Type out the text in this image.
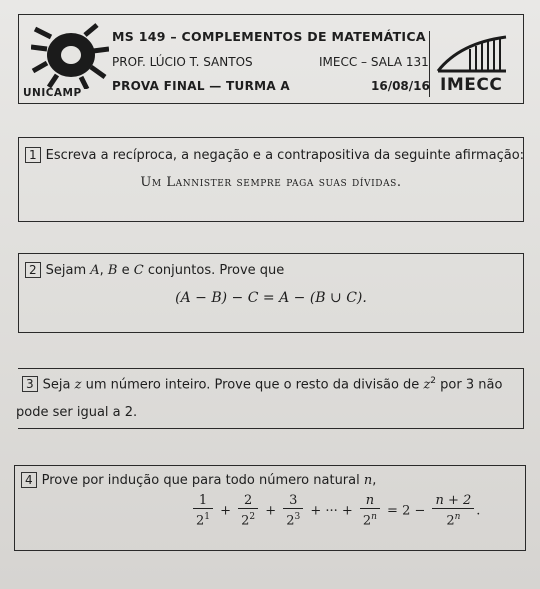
UNICAMP
MS 149 – COMPLEMENTOS DE MATEMÁTICA
PROF. LÚCIO T. SANTOS	IMECC – SALA 131
PROVA FINAL — TURMA A	16/08/16 IMECC
1 Escreva a recíproca, a negação e a contrapositiva da seguinte afirmação:
Um Lannister sempre paga suas dívidas.
2 Sejam A, B e C conjuntos. Prove que
(A − B) − C = A − (B ∪ C).
3 Seja z um número inteiro. Prove que o resto da divisão de $z^2$ por 3 não
pode ser igual a 2.
4 Prove por indução que para todo número natural n,
$\frac{1}{2^1} + \frac{2}{2^2} + \frac{3}{2^3}$ + ··· + $\frac{n}{2^n} = 2 - \frac{n + 2}{2^n}$ .
